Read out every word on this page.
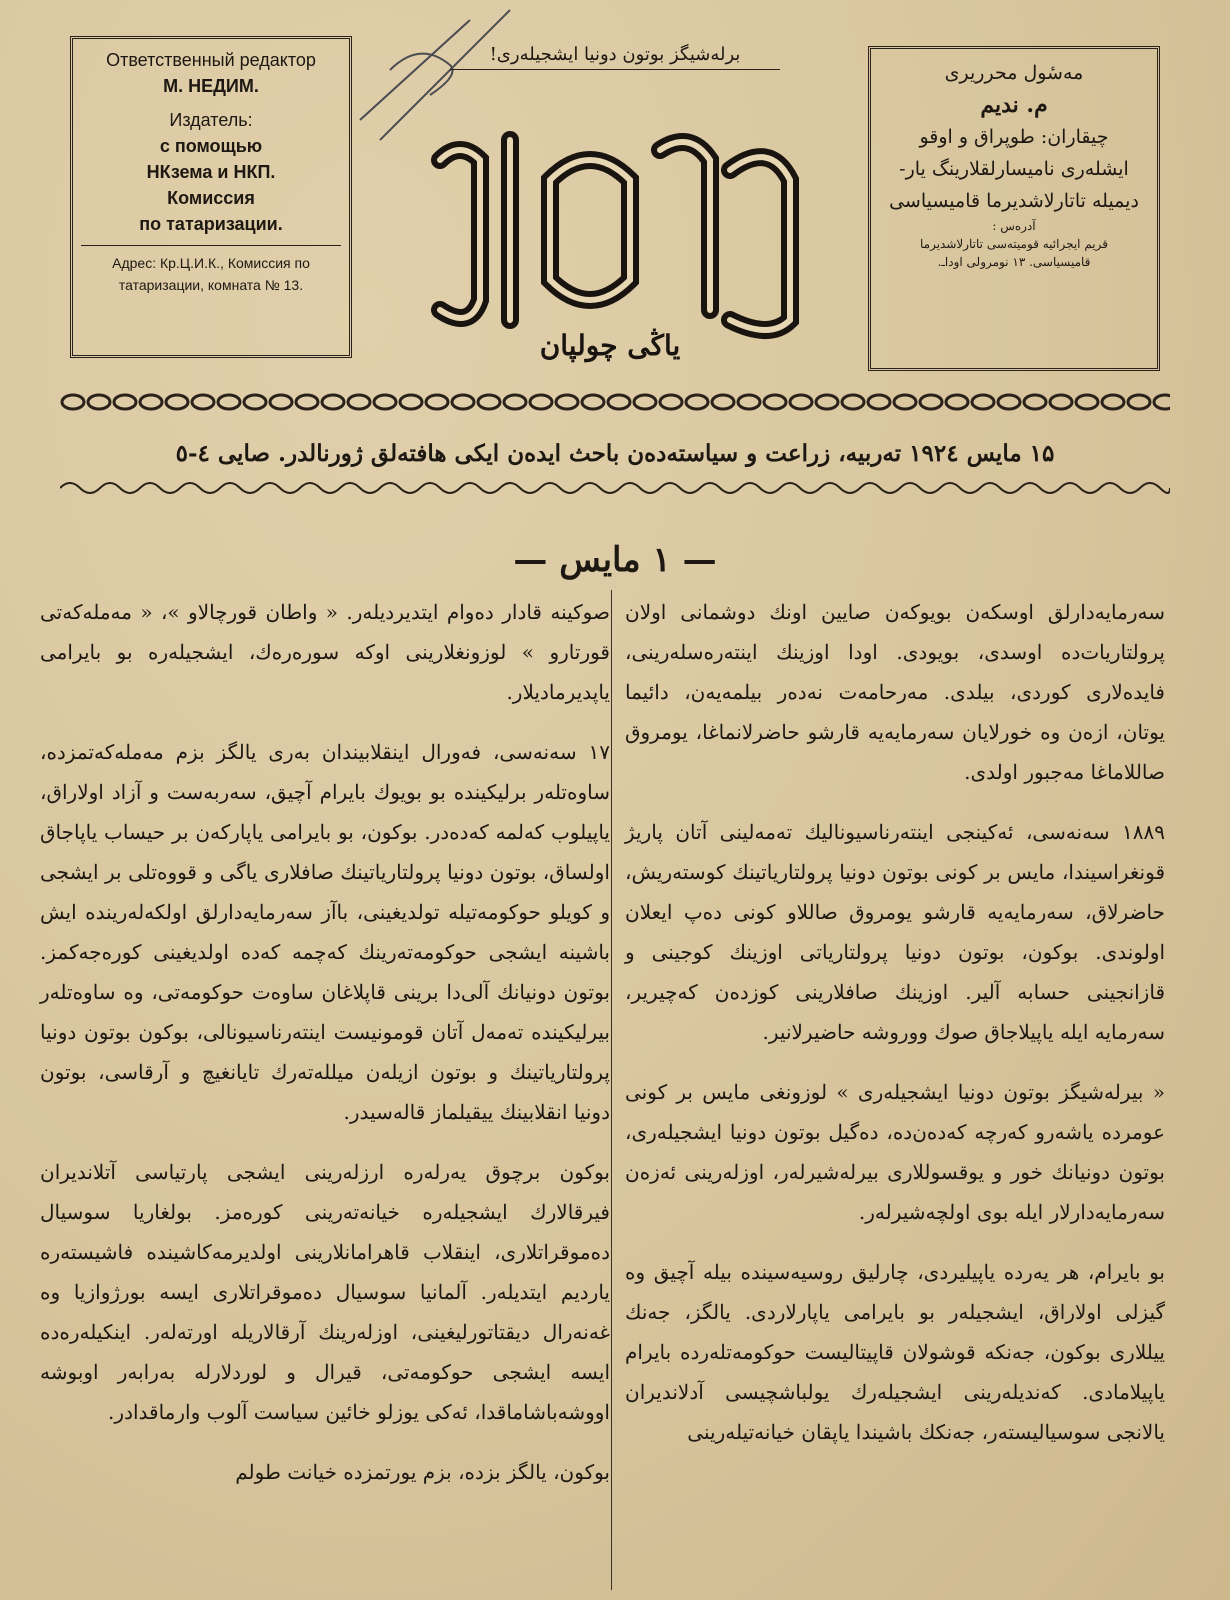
Ответственный редактор
М. НЕДИМ.
Издатель:
с помощью
НКзема и НКП.
Комиссия
по татаризации.
Адрес: Кр.Ц.И.К., Комиссия по татаризации, комната № 13.
برله‌شیگز بوتون دونیا ایشجیله‌ری!
یاڭی چولپان
مه‌سٔول محرریری
م. ندیم
چیقاران: طوپراق و اوقو
ایشله‌ری نامیسارلقلارینگ یار-
دیمیله تاتارلاشدیرما قامیسیاسی
آدره‌س :
قریم ایجرائیه قومیته‌سی تاتارلاشدیرما
قامیسیاسی. ۱۳ نومرولی اوداـ.
۱۵ مایس ۱۹۲٤ ته‌ربیه، زراعت و سیاسته‌ده‌ن باحث ایده‌ن ایکی هافته‌لق ژورنالدر. صایی ٤-٥
— ۱ مایس —

سه‌رمایه‌دارلق اوسکه‌ن بویوکه‌ن صایین اونك دوشمانی اولان پرولتاریات‌ده اوسدی، بویودی. اودا اوزینك اینته‌ره‌سله‌رینی، فایده‌لاری کوردی، بیلدی. مەرحامه‌ت نه‌دەر بیلمه‌یه‌ن، دائیما یوتان، ازه‌ن وه خورلایان سه‌رمایه‌یه قارشو حاضرلانماغا، یومروق صاللاماغا مه‌جبور اولدی.

۱۸۸۹ سه‌نه‌سی، ئه‌کینجی اینته‌رناسیونالیك ته‌مه‌لینی آتان پاریژ قونغراسیندا، مایس بر کونی بوتون دونیا پرولتاریاتینك کوسته‌ریش، حاضرلاق، سه‌رمایه‌یه قارشو یومروق صاللاو کونی ده‌پ ایعلان اولوندی. بوکون، بوتون دونیا پرولتاریاتی اوزینك کوجینی و قازانجینی حسابه آلیر. اوزینك صافلارینی کوزده‌ن که‌چیریر، سه‌رمایه ایله یاپیلاجاق صوك وورو‌شه حاضیرلانیر.

« بیرله‌شیگز بوتون دونیا ایشجیله‌ری » لوزونغی مایس بر کونی عومرده یاشه‌رو که‌رچه که‌ده‌ن‌ده، ده‌گیل بوتون دونیا ایشجیله‌ری، بوتون دونیانك خور و یوقسوللاری بیرله‌شیرله‌ر، اوزله‌رینی ئه‌زه‌ن سه‌رمایه‌دارلار ایله بوی اولچه‌شیرله‌ر.

بو بایرام، هر یه‌رده یاپیلیردی، چارلیق روسیه‌سینده بیله آچیق وه گیزلی اولاراق، ایشجیله‌ر بو بایرامی یاپارلاردی. یالگز، جه‌نك ییللاری بوکون، جه‌نکه قوشولان قاپیتالیست حوکومه‌تله‌رده بایرام یاپیلامادی. که‌ندیله‌رینی ایشجیله‌رك یولباشچیسی آدلاندیران یالانجی سوسیالیسته‌ر، جه‌نكك باشیندا یاپقان خیانه‌تیله‌رینی

صوکینه قادار ده‌وام ایتدیردیله‌ر. « واطان قورچالاو »، « مه‌مله‌که‌تی قورتارو » لوزونغلارینی اوکه سوره‌ره‌ك، ایشجیله‌ره بو بایرامی یاپدیرمادیلار.

۱۷ سه‌نه‌سی، فه‌ورال اینقلابیندان به‌ری یالگز بزم مه‌مله‌که‌تمزده، ساوه‌تله‌ر برلیکینده بو بویوك بایرام آچیق، سه‌ربه‌ست و آزاد اولاراق، یاپیلوب که‌لمه که‌ده‌در. بوکون، بو بایرامی یاپارکه‌ن بر حیساب یاپاجاق اولساق، بوتون دونیا پرولتاریاتینك صافلاری یاگی و قووه‌تلی بر ایشجی و کویلو حوکومه‌تیله تولدیغینی، باآز سه‌رمایه‌دارلق اولکه‌له‌رینده ایش باشینه ایشجی حوکومه‌ته‌رینك که‌چمه که‌ده اولدیغینی کوره‌جه‌کمز. بوتون دونیانك آلی‌دا برینی قاپلاغان ساوه‌ت حوکومه‌تی، وه ساوه‌تله‌ر بیرلیکینده ته‌مه‌ل آتان قومونیست اینته‌رناسیونالی، بوکون بوتون دونیا پرولتاریاتینك و بوتون ازیله‌ن میلله‌ته‌رك تایانغیچ و آرقاسی، بوتون دونیا انقلابینك ییقیلماز قاله‌سیدر.

بوکون برچوق یه‌رله‌ره ارزله‌رینی ایشجی پارتیاسی آتلاندیران فیرقالارك ایشجیله‌ره خیانه‌ته‌رینی کوره‌مز. بولغاریا سوسیال ده‌موقراتلاری، اینقلاب قاهرامانلارینی اولدیرمه‌کاشینده فاشیسته‌ره یاردیم ایتدیله‌ر. آلمانیا سوسیال ده‌موقراتلاری ایسه بورژوازیا وه غه‌نه‌رال دیقتاتورلیغینی، اوزله‌رینك آرقالاریله اورته‌له‌ر. اینکیله‌ره‌ده ایسه ایشجی حوکومه‌تی، قیرال و لوردلارله به‌رابه‌ر اوبوشه اووشه‌باشاماقدا، ئه‌کی یوزلو خائین سیاست آلوب وارماقدادر.

بوکون، یالگز بزده، بزم یورتمزده خیانت طولم
